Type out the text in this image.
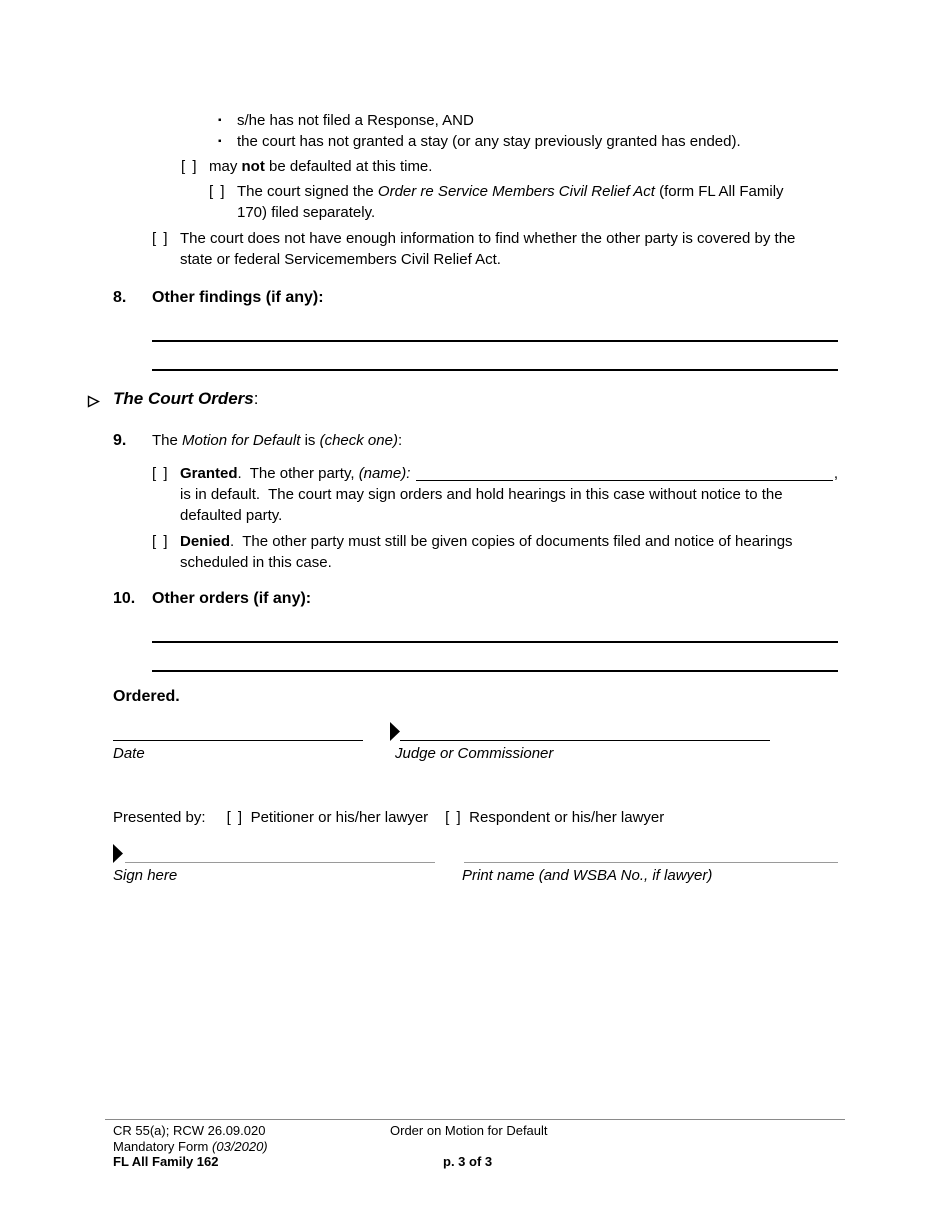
▪	s/he has not filed a Response, AND
▪	the court has not granted a stay (or any stay previously granted has ended).
[ ] may not be defaulted at this time.
[ ] The court signed the Order re Service Members Civil Relief Act (form FL All Family 170) filed separately.
[ ] The court does not have enough information to find whether the other party is covered by the state or federal Servicemembers Civil Relief Act.
8.	Other findings (if any):
The Court Orders:
9.	The Motion for Default is (check one):
[ ] Granted .  The other party, (name):	,
is in default.  The court may sign orders and hold hearings in this case without notice to the defaulted party.
[ ] Denied.  The other party must still be given copies of documents filed and notice of hearings scheduled in this case.
10.	Other orders (if any):
Ordered.
Date	Judge or Commissioner
Presented by: [ ] Petitioner or his/her lawyer [ ] Respondent or his/her lawyer
Sign here	Print name (and WSBA No., if lawyer)
CR 55(a); RCW 26.09.020	Order on Motion for Default
Mandatory Form (03/2020)
FL All Family 162	p. 3 of 3
